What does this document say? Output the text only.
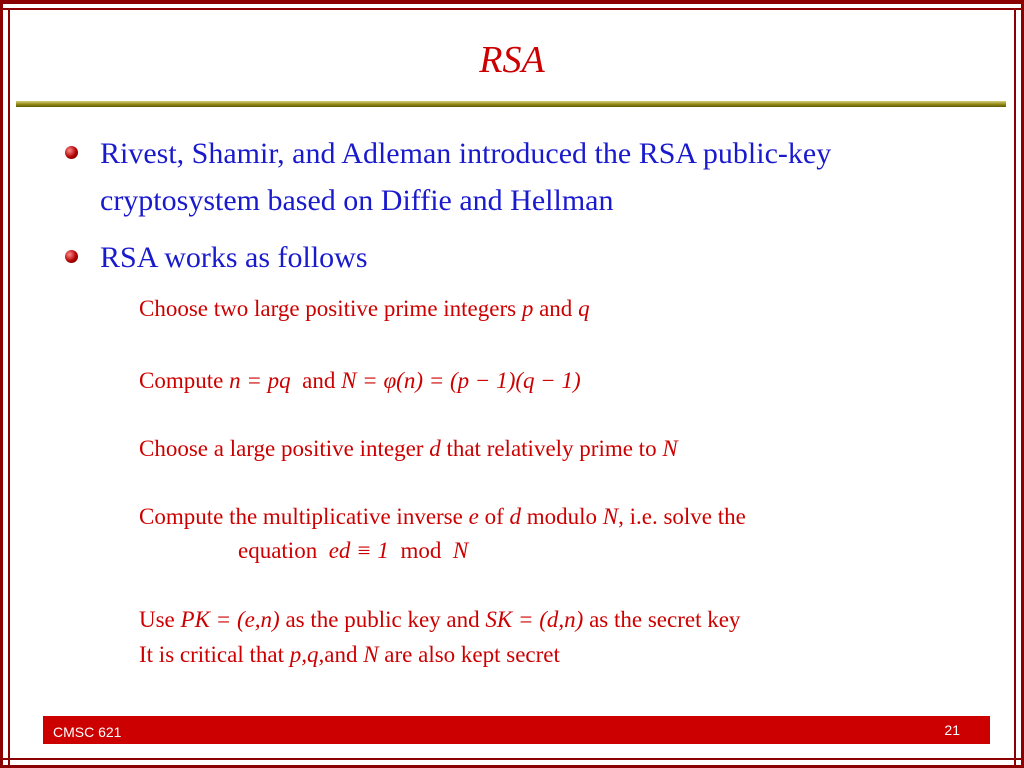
RSA
Rivest, Shamir, and Adleman introduced the RSA public-key cryptosystem based on Diffie and Hellman
RSA works as follows
Choose two large positive prime integers p and q
Compute n = pq  and N = φ(n) = (p − 1)(q − 1)
Choose a large positive integer d that relatively prime to N
Compute the multiplicative inverse e of d modulo N, i.e. solve the
equation  ed ≡ 1  mod  N
Use PK = (e,n) as the public key and SK = (d,n) as the secret key
It is critical that p,q,and N are also kept secret
CMSC 621	21
